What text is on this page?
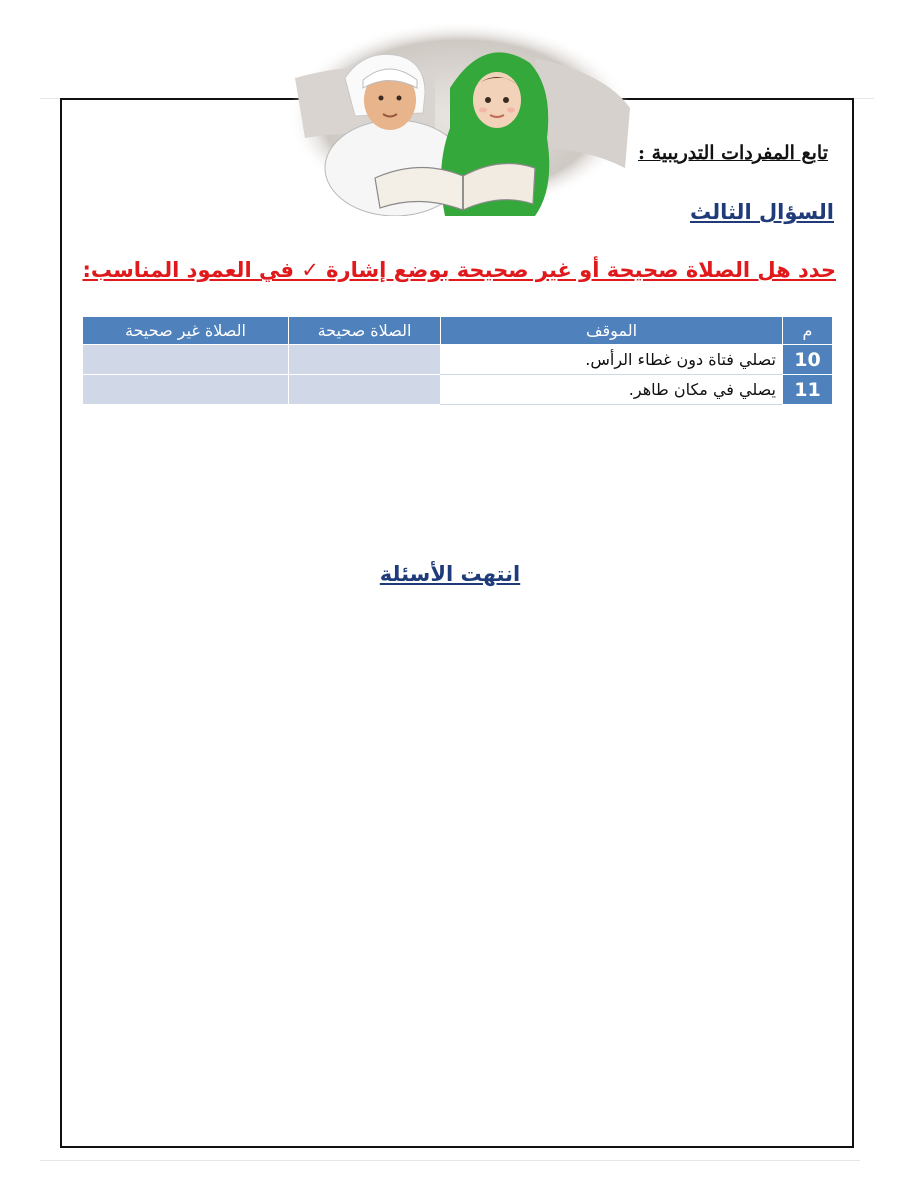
تابع المفردات التدريبية :
السؤال الثالث
حدد هل الصلاة صحيحة أو غير صحيحة بوضع إشارة ✓ في العمود المناسب:
م	الموقف	الصلاة صحيحة	الصلاة غير صحيحة
10	تصلي فتاة دون غطاء الرأس.		
11	يصلي في مكان طاهر.		
انتهت الأسئلة
